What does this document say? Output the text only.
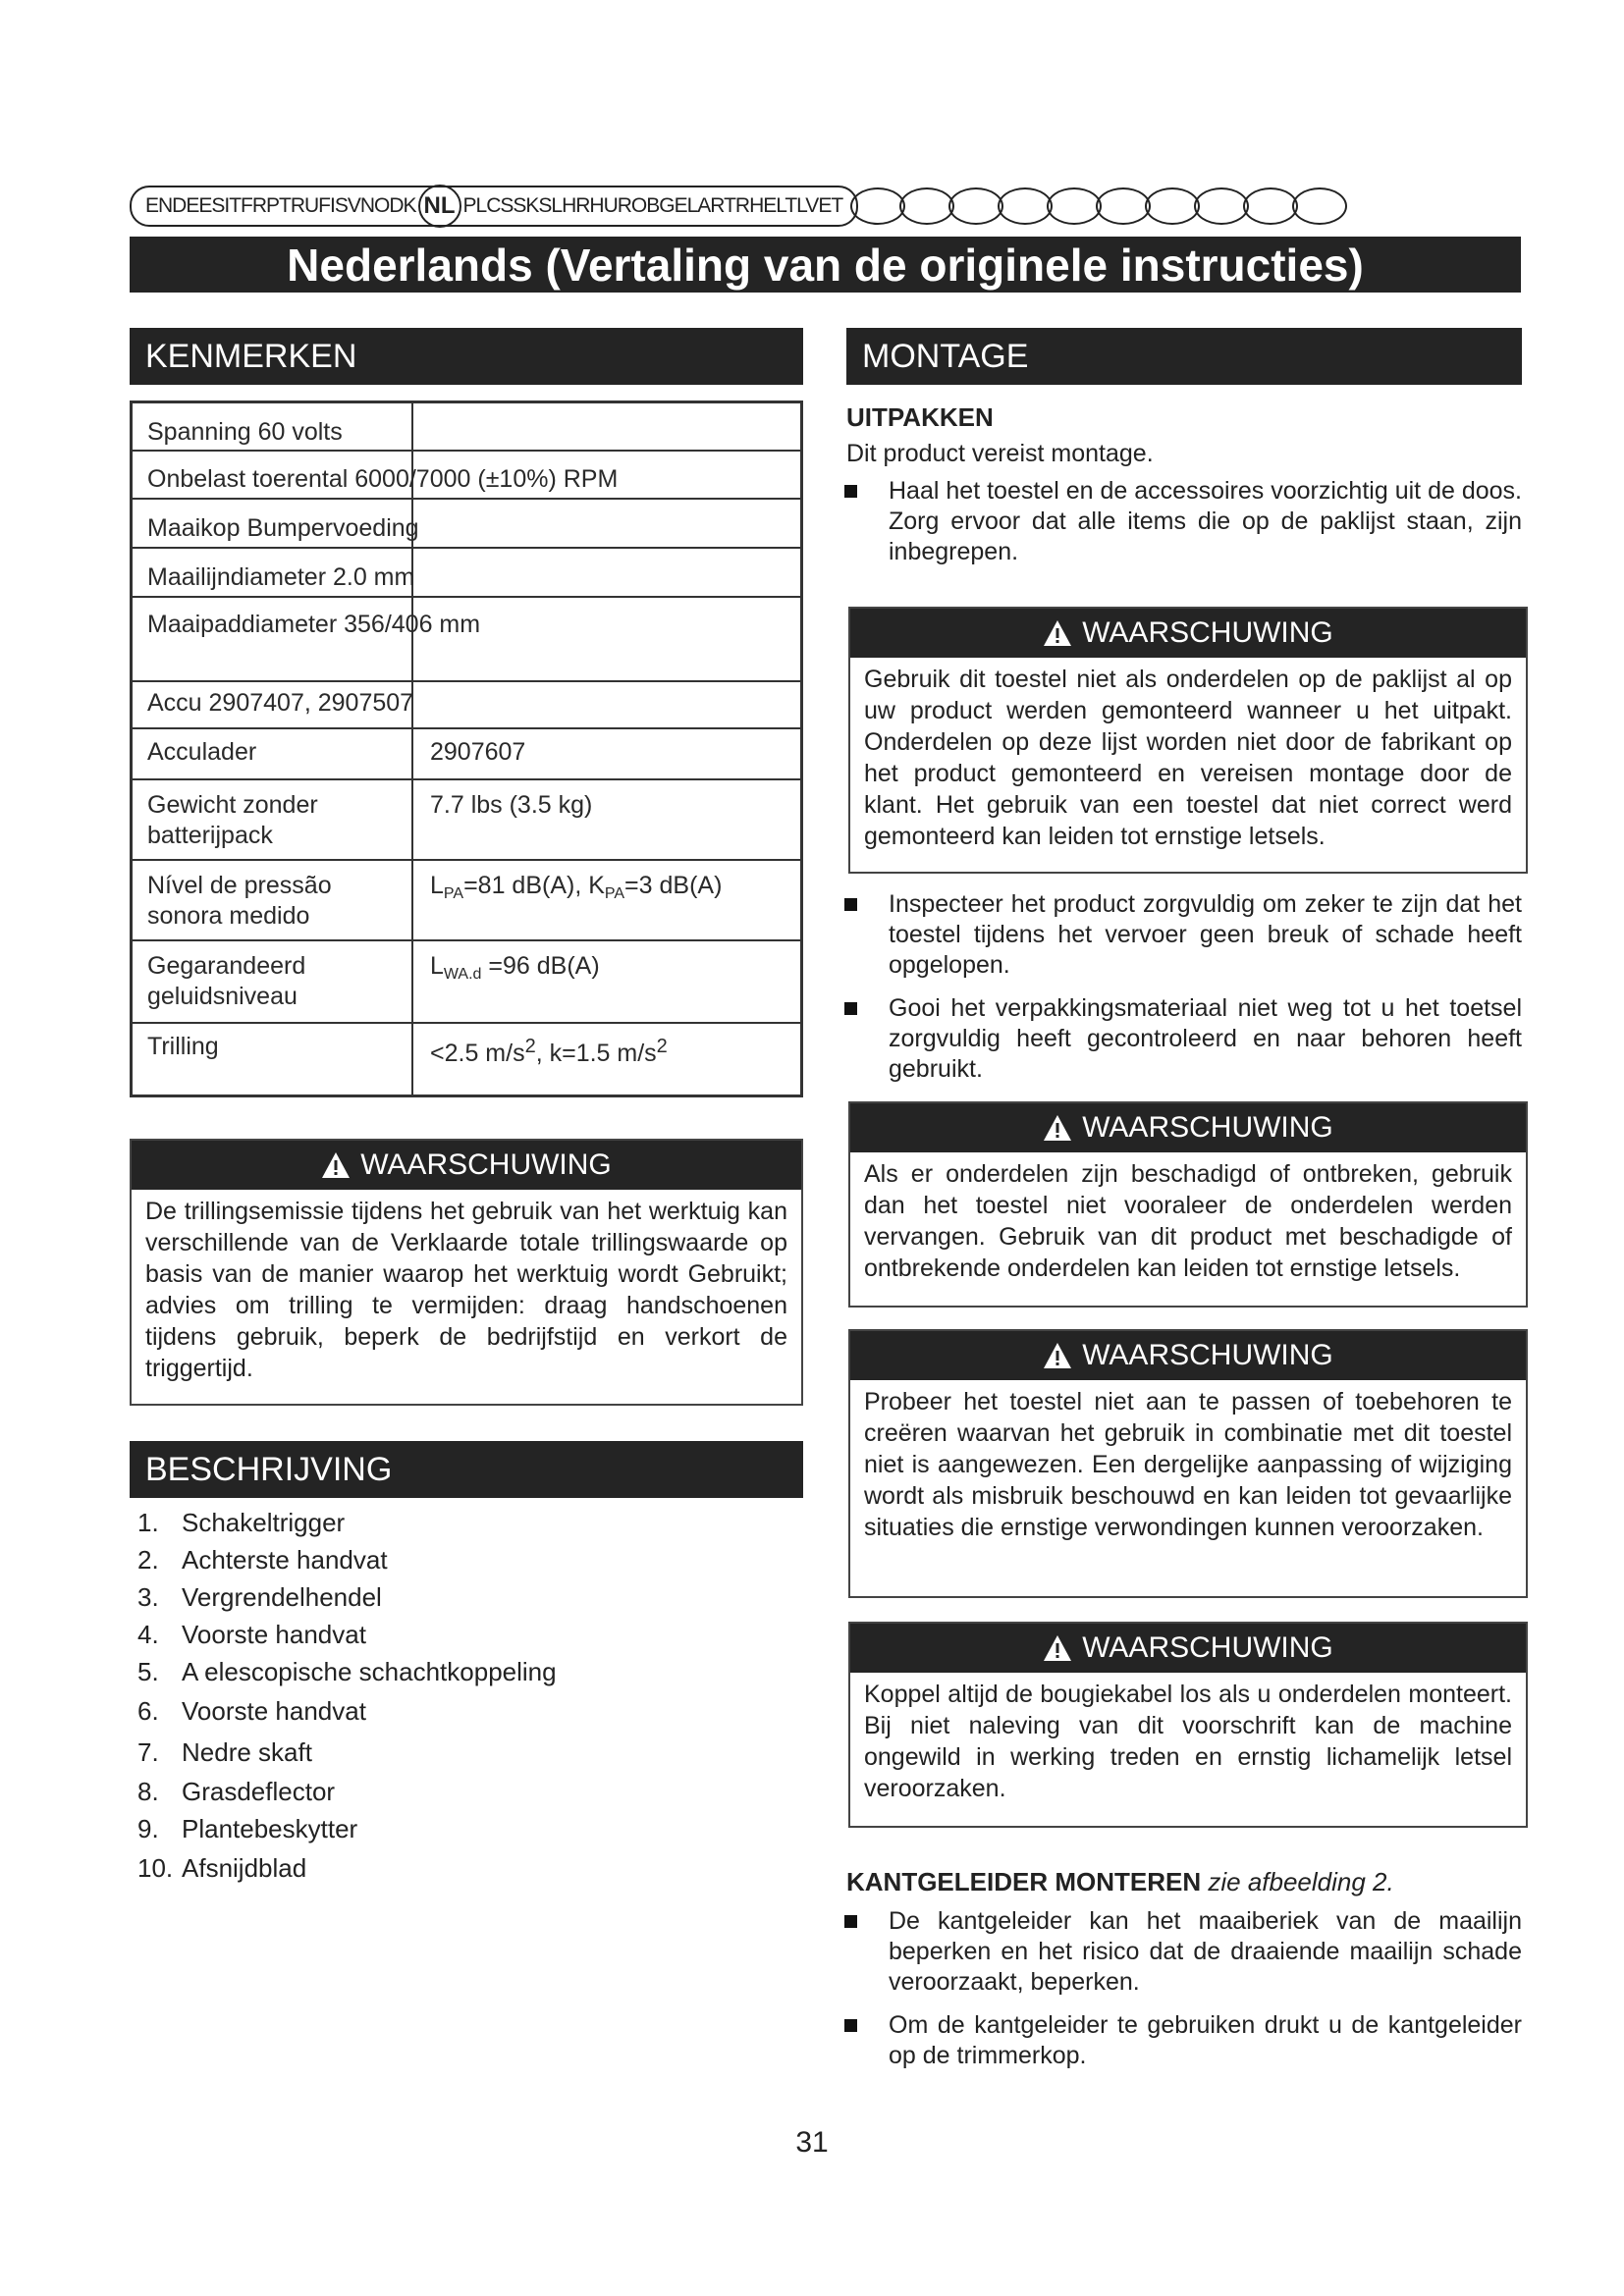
ENDEESITFRPTRUFISVNODK NL PLCSSKSLHRHUROBGELARTRHELTLVET
Nederlands (Vertaling van de originele instructies)
KENMERKEN
Spanning 60 volts
Onbelast toerental 6000/7000 (±10%) RPM
Maaikop Bumpervoeding
Maailijndiameter 2.0 mm
Maaipaddiameter 356/406 mm
Accu 2907407, 2907507
Acculader	2907607
Gewicht zonder batterijpack
7.7 lbs (3.5 kg)
Nível de pressão sonora medido
$L_{PA}=81$ dB(A), $K_{PA}=3$ dB(A)
Gegarandeerd geluidsniveau
$L_{WA.d} =96$ dB(A)
Trilling	<2.5 $m/s^2$, k=1.5 $m/s^2$
WAARSCHUWING
De trillingsemissie tijdens het gebruik van het werktuig kan verschillende van de Verklaarde totale trillingswaarde op basis van de manier waarop het werktuig wordt Gebruikt; advies om trilling te vermijden: draag handschoenen tijdens gebruik, beperk de bedrijfstijd en verkort de triggertijd.
BESCHRIJVING
1. Schakeltrigger
2. Achterste handvat
3. Vergrendelhendel
4. Voorste handvat
5. A elescopische schachtkoppeling
6. Voorste handvat
7. Nedre skaft
8. Grasdeflector
9. Plantebeskytter
10. Afsnijdblad
MONTAGE
UITPAKKEN
Dit product vereist montage.
Haal het toestel en de accessoires voorzichtig uit de doos. Zorg ervoor dat alle items die op de paklijst staan, zijn inbegrepen.
WAARSCHUWING
Gebruik dit toestel niet als onderdelen op de paklijst al op uw product werden gemonteerd wanneer u het uitpakt. Onderdelen op deze lijst worden niet door de fabrikant op het product gemonteerd en vereisen montage door de klant. Het gebruik van een toestel dat niet correct werd gemonteerd kan leiden tot ernstige letsels.
Inspecteer het product zorgvuldig om zeker te zijn dat het toestel tijdens het vervoer geen breuk of schade heeft opgelopen.
Gooi het verpakkingsmateriaal niet weg tot u het toetsel zorgvuldig heeft gecontroleerd en naar behoren heeft gebruikt.
WAARSCHUWING
Als er onderdelen zijn beschadigd of ontbreken, gebruik dan het toestel niet vooraleer de onderdelen werden vervangen. Gebruik van dit product met beschadigde of ontbrekende onderdelen kan leiden tot ernstige letsels.
WAARSCHUWING
Probeer het toestel niet aan te passen of toebehoren te creëren waarvan het gebruik in combinatie met dit toestel niet is aangewezen. Een dergelijke aanpassing of wijziging wordt als misbruik beschouwd en kan leiden tot gevaarlijke situaties die ernstige verwondingen kunnen veroorzaken.
WAARSCHUWING
Koppel altijd de bougiekabel los als u onderdelen monteert. Bij niet naleving van dit voorschrift kan de machine ongewild in werking treden en ernstig lichamelijk letsel veroorzaken.
KANTGELEIDER MONTEREN zie afbeelding 2.
De kantgeleider kan het maaiberiek van de maailijn beperken en het risico dat de draaiende maailijn schade veroorzaakt, beperken.
Om de kantgeleider te gebruiken drukt u de kantgeleider op de trimmerkop.
31
